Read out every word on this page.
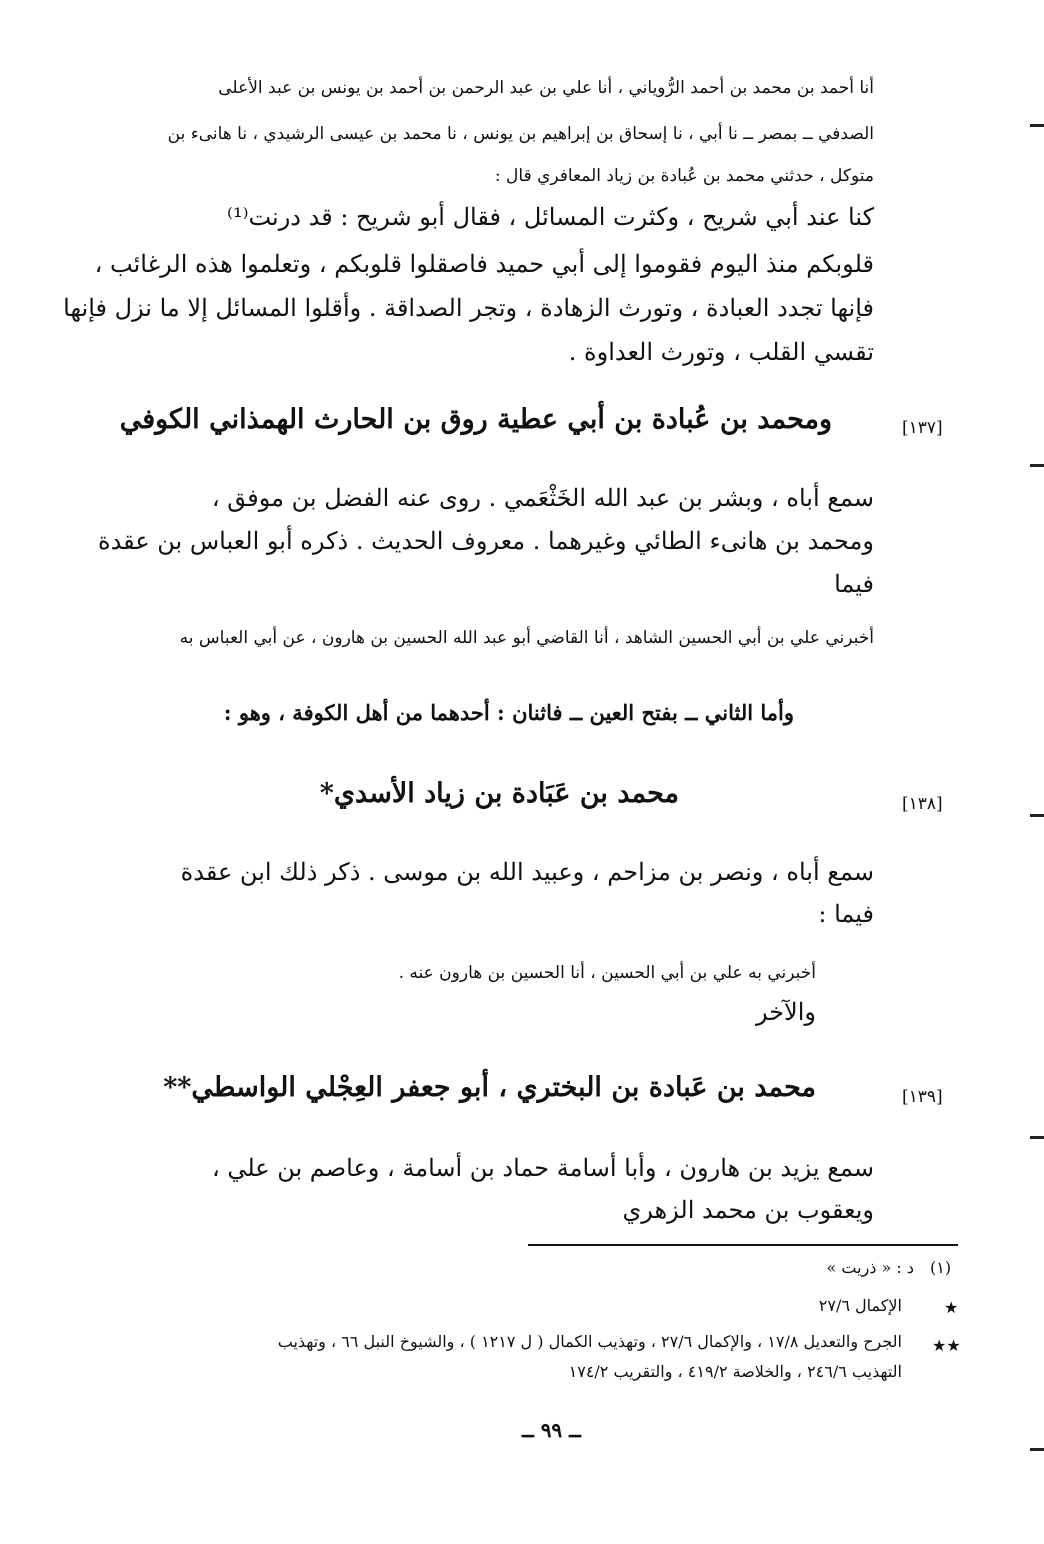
أنا أحمد بن محمد بن أحمد الرُّوياني ، أنا علي بن عبد الرحمن بن أحمد بن يونس بن عبد الأعلى
الصدفي ــ بمصر ــ نا أبي ، نا إسحاق بن إبراهيم بن يونس ، نا محمد بن عيسى الرشيدي ، نا هانىء بن
متوكل ، حدثني محمد بن عُبادة بن زياد المعافري قال :
كنا عند أبي شريح ، وكثرت المسائل ، فقال أبو شريح : قد درنت⁽¹⁾
قلوبكم منذ اليوم فقوموا إلى أبي حميد فاصقلوا قلوبكم ، وتعلموا هذه الرغائب ،
فإنها تجدد العبادة ، وتورث الزهادة ، وتجر الصداقة . وأقلوا المسائل إلا ما نزل فإنها
تقسي القلب ، وتورث العداوة .
[١٣٧]
ومحمد بن عُبادة بن أبي عطية روق بن الحارث الهمذاني الكوفي
سمع أباه ، وبشر بن عبد الله الخَثْعَمي . روى عنه الفضل بن موفق ،
ومحمد بن هانىء الطائي وغيرهما . معروف الحديث . ذكره أبو العباس بن عقدة
فيما
أخبرني علي بن أبي الحسين الشاهد ، أنا القاضي أبو عبد الله الحسين بن هارون ، عن أبي العباس به
وأما الثاني ــ بفتح العين ــ فاثنان : أحدهما من أهل الكوفة ، وهو :
[١٣٨]
محمد بن عَبَادة بن زياد الأسدي*
سمع أباه ، ونصر بن مزاحم ، وعبيد الله بن موسى . ذكر ذلك ابن عقدة
فيما :
أخبرني به علي بن أبي الحسين ، أنا الحسين بن هارون عنه .
والآخر
[١٣٩]
محمد بن عَبادة بن البختري ، أبو جعفر العِجْلي الواسطي**
سمع يزيد بن هارون ، وأبا أسامة حماد بن أسامة ، وعاصم بن علي ،
ويعقوب بن محمد الزهري
(١)
د : « ذريت »
★
الإكمال ٢٧/٦
★★
الجرح والتعديل ١٧/٨ ، والإكمال ٢٧/٦ ، وتهذيب الكمال ( ل ١٢١٧ ) ، والشيوخ النبل ٦٦ ، وتهذيب
التهذيب ٢٤٦/٦ ، والخلاصة ٤١٩/٢ ، والتقريب ١٧٤/٢
ــ ٩٩ ــ
